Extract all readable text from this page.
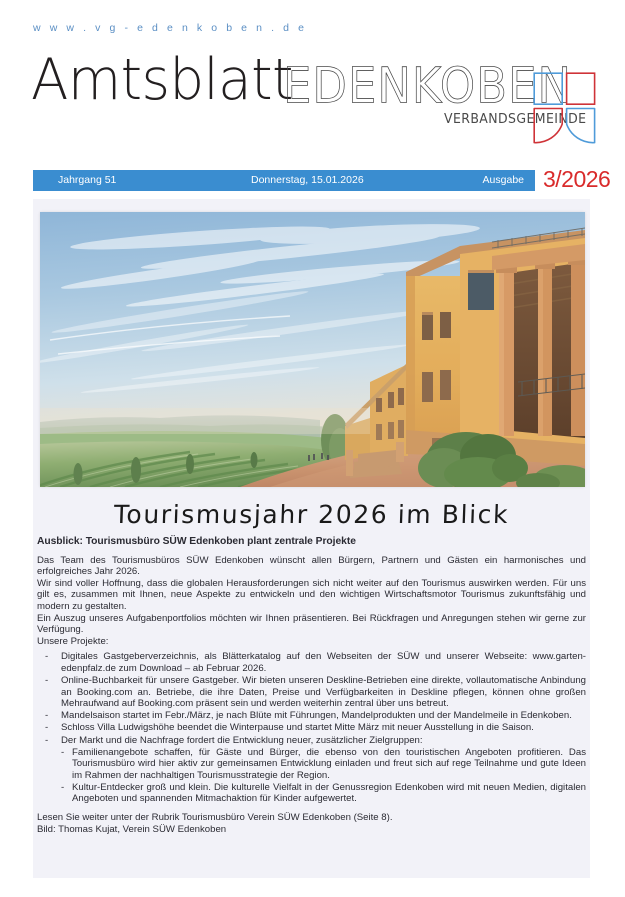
w w w . v g - e d e n k o b e n . d e
Amtsblatt
EDENKOBEN
VERBANDSGEMEINDE
Jahrgang 51	Donnerstag, 15.01.2026	Ausgabe 3/2026
Tourismusjahr 2026 im Blick

Ausblick: Tourismusbüro SÜW Edenkoben plant zentrale Projekte

Das Team des Tourismusbüros SÜW Edenkoben wünscht allen Bürgern, Partnern und Gästen ein harmonisches und erfolgreiches Jahr 2026.

Wir sind voller Hoffnung, dass die globalen Herausforderungen sich nicht weiter auf den Tourismus auswirken werden. Für uns gilt es, zusammen mit Ihnen, neue Aspekte zu entwickeln und den wichtigen Wirtschaftsmotor Tourismus zukunftsfähig und modern zu gestalten.

Ein Auszug unseres Aufgabenportfolios möchten wir Ihnen präsentieren. Bei Rückfragen und Anregungen stehen wir gerne zur Verfügung.

Unsere Projekte:

- Digitales Gastgeberverzeichnis, als Blätterkatalog auf den Webseiten der SÜW und unserer Webseite: www.garten-edenpfalz.de zum Download – ab Februar 2026.
- Online-Buchbarkeit für unsere Gastgeber. Wir bieten unseren Deskline-Betrieben eine direkte, vollautomatische Anbindung an Booking.com an. Betriebe, die ihre Daten, Preise und Verfügbarkeiten in Deskline pflegen, können ohne großen Mehraufwand auf Booking.com präsent sein und werden weiterhin zentral über uns betreut.
- Mandelsaison startet im Febr./März, je nach Blüte mit Führungen, Mandelprodukten und der Mandelmeile in Edenkoben.
- Schloss Villa Ludwigshöhe beendet die Winterpause und startet Mitte März mit neuer Ausstellung in die Saison.
- Der Markt und die Nachfrage fordert die Entwicklung neuer, zusätzlicher Zielgruppen:
- Familienangebote schaffen, für Gäste und Bürger, die ebenso von den touristischen Angeboten profitieren. Das Tourismusbüro wird hier aktiv zur gemeinsamen Entwicklung einladen und freut sich auf rege Teilnahme und gute Ideen im Rahmen der nachhaltigen Tourismusstrategie der Region.
- Kultur-Entdecker groß und klein. Die kulturelle Vielfalt in der Genussregion Edenkoben wird mit neuen Medien, digitalen Angeboten und spannenden Mitmachaktion für Kinder aufgewertet.

Lesen Sie weiter unter der Rubrik Tourismusbüro Verein SÜW Edenkoben (Seite 8).

Bild: Thomas Kujat, Verein SÜW Edenkoben
